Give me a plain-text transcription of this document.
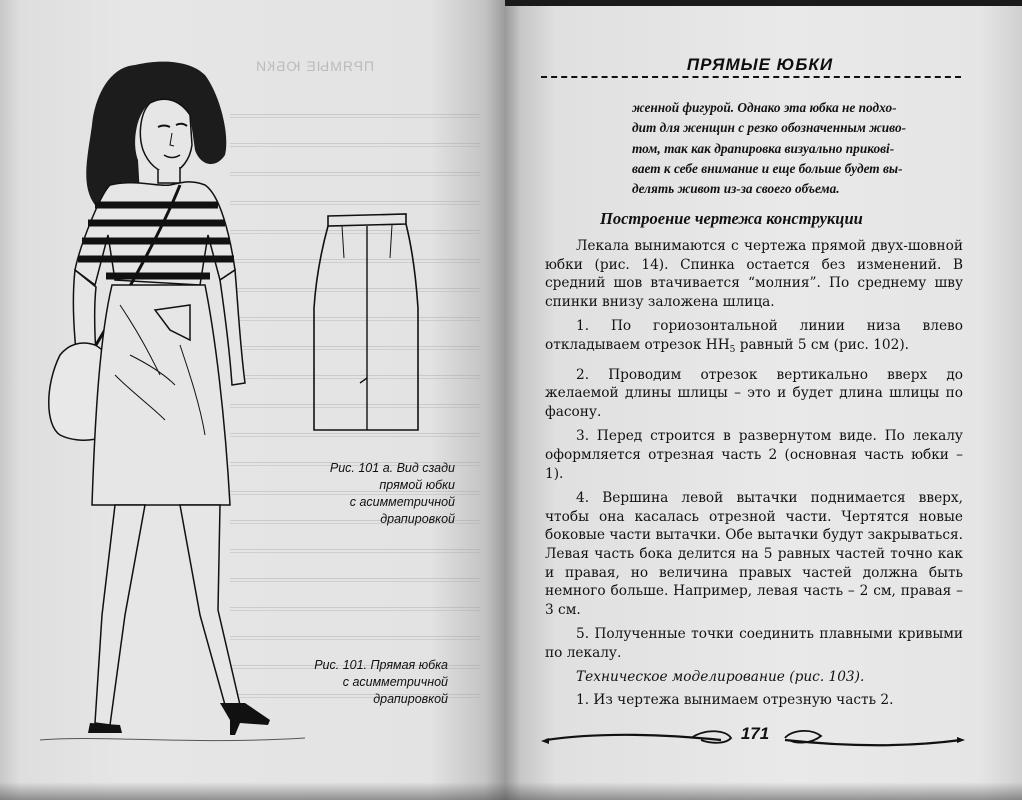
ПРЯМЫЕ ЮБКИ
Рис. 101 а. Вид сзади
прямой юбки
с асимметричной
драпировкой
Рис. 101. Прямая юбка
с асимметричной
драпировкой
ПРЯМЫЕ ЮБКИ
женной фигурой. Однако эта юбка не подхо-
дит для женщин с резко обозначенным живо-
том, так как драпировка визуально прикові-
вает к себе внимание и еще больше будет вы-
делять живот из-за своего объема.
Построение чертежа конструкции

Лекала вынимаются с чертежа прямой двух-шовной юбки (рис. 14). Спинка остается без изменений. В средний шов втачивается “молния”. По среднему шву спинки внизу заложена шлица.

1. По гориозонтальной линии низа влево откладываем отрезок $НН_5$ равный 5 см (рис. 102).

2. Проводим отрезок вертикально вверх до желаемой длины шлицы – это и будет длина шлицы по фасону.

3. Перед строится в развернутом виде. По лекалу оформляется отрезная часть 2 (основная часть юбки – 1).

4. Вершина левой вытачки поднимается вверх, чтобы она касалась отрезной части. Чертятся новые боковые части вытачки. Обе вытачки будут закрываться. Левая часть бока делится на 5 равных частей точно как и правая, но величина правых частей должна быть немного больше. Например, левая часть – 2 см, правая – 3 см.

5. Полученные точки соединить плавными кривыми по лекалу.

Техническое моделирование (рис. 103).

1. Из чертежа вынимаем отрезную часть 2.

171
